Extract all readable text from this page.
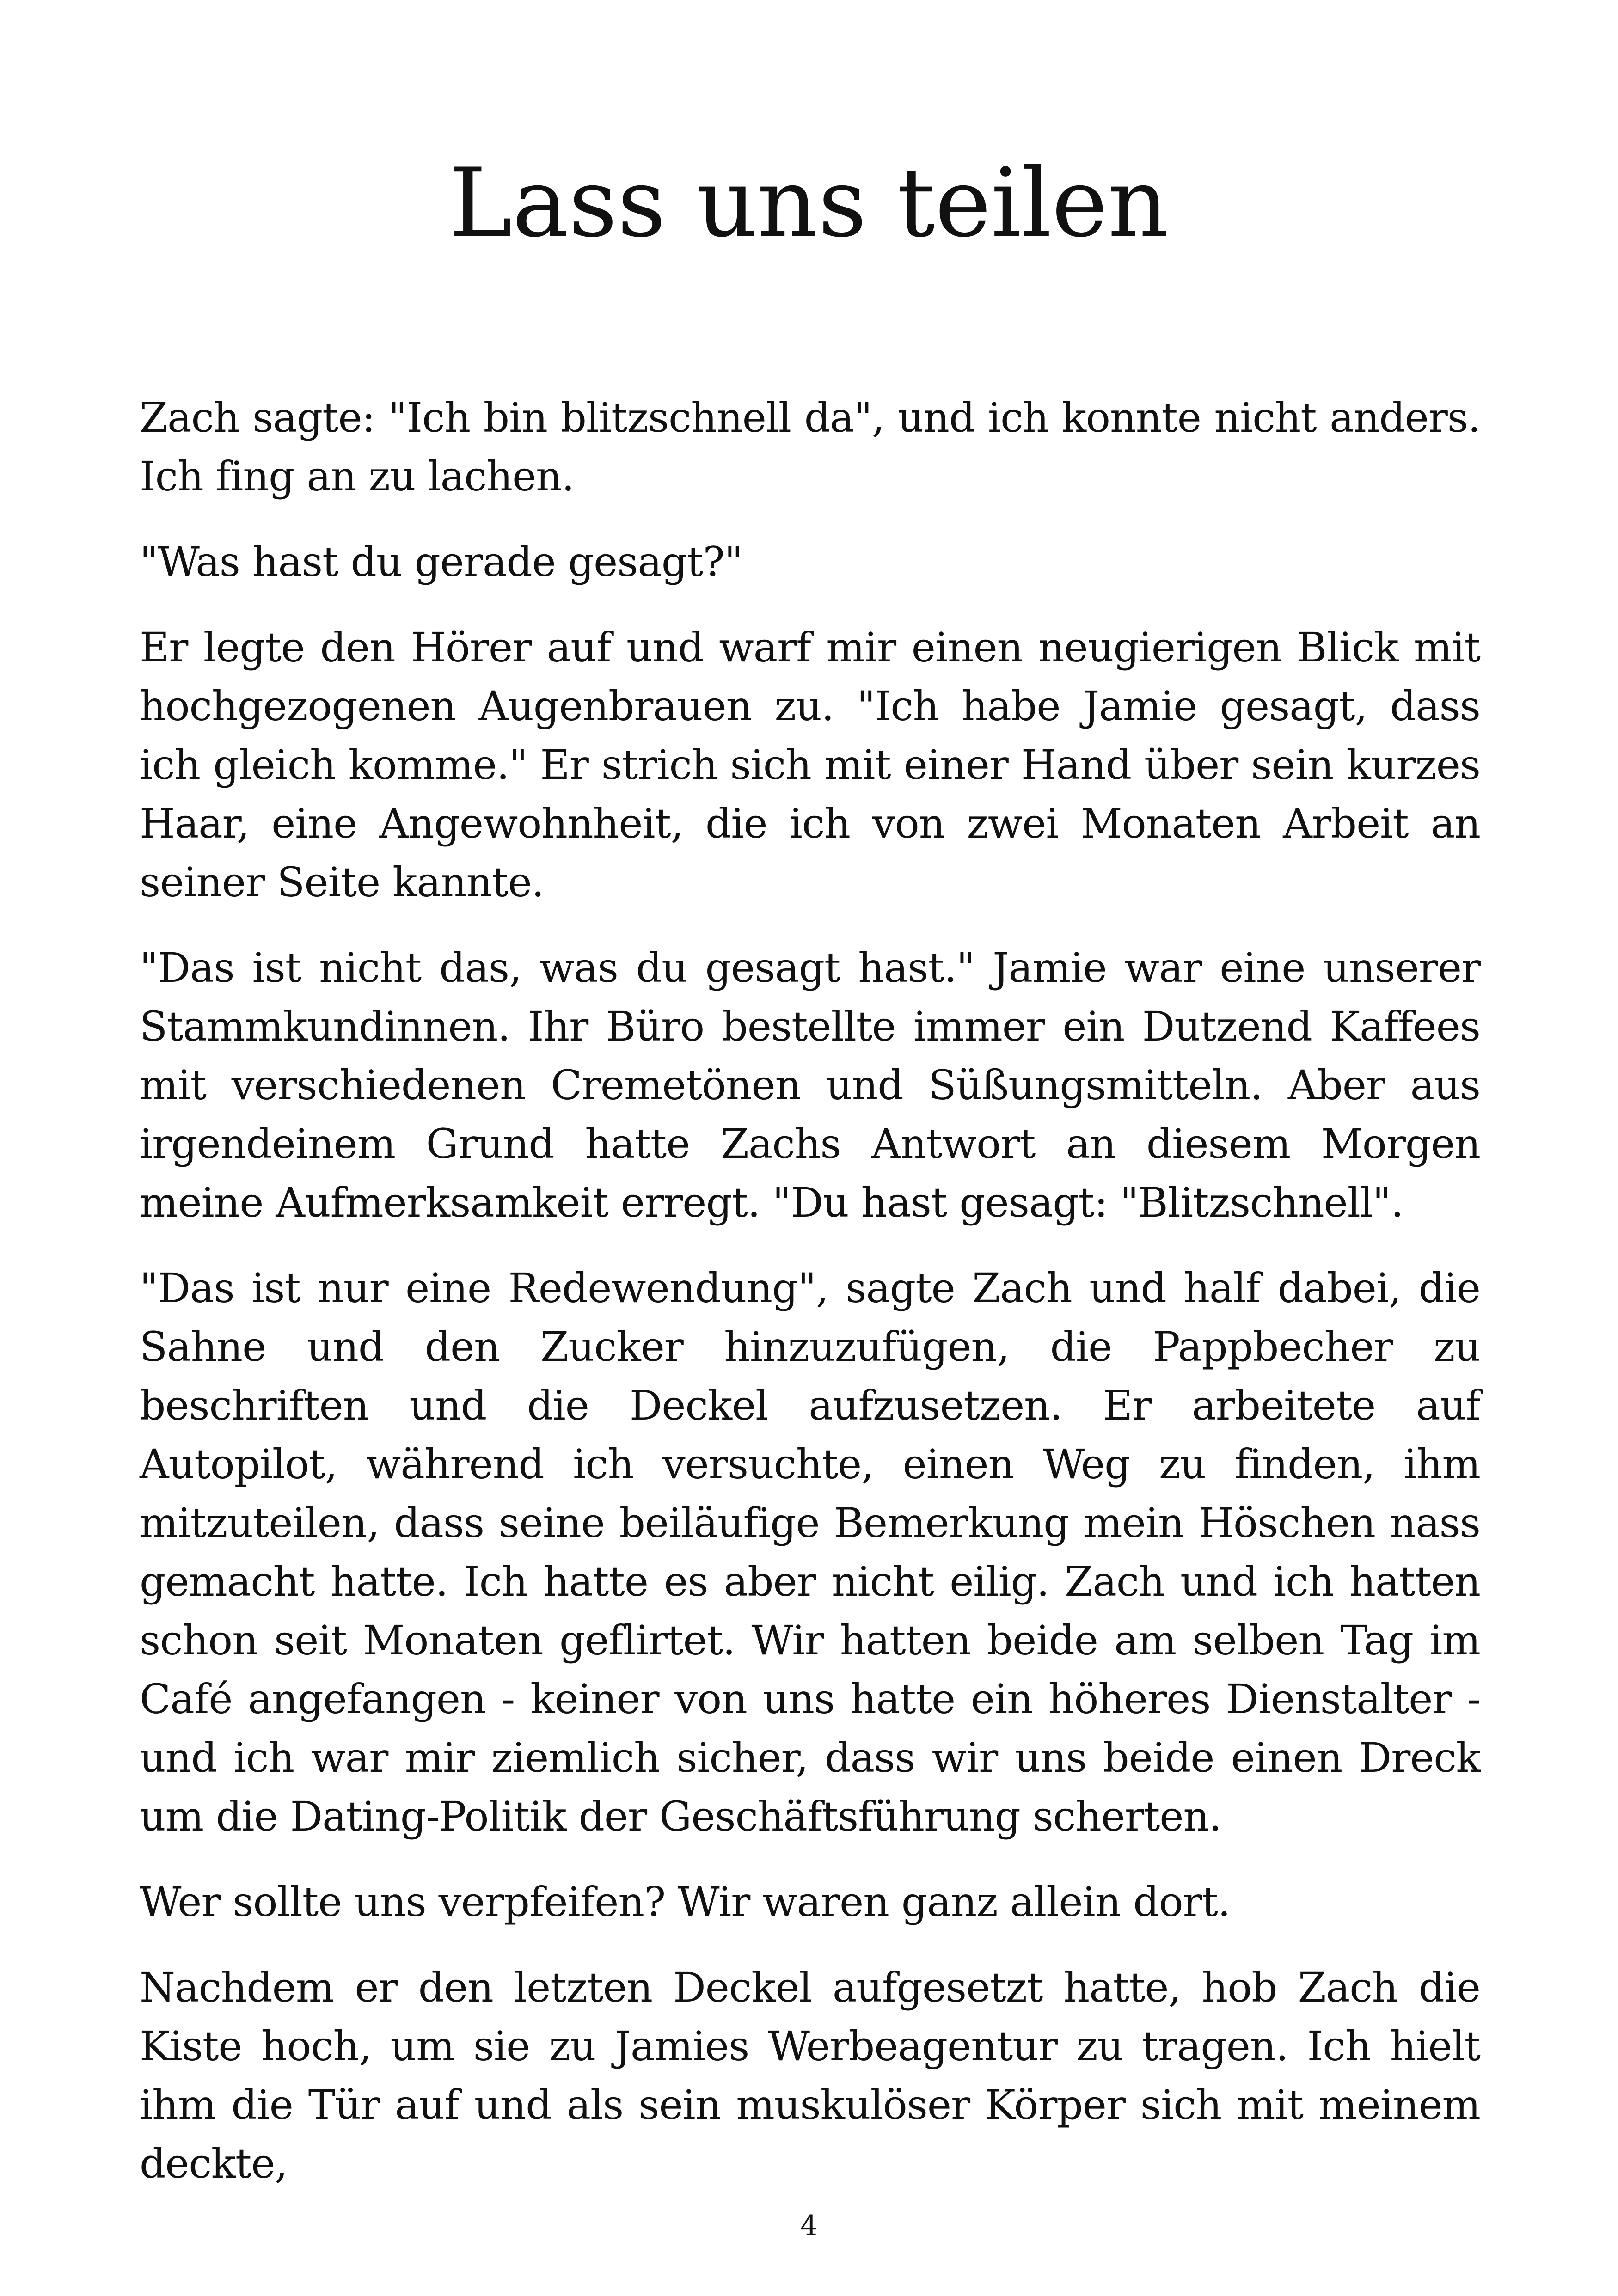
Lass uns teilen

Zach sagte: "Ich bin blitzschnell da", und ich konnte nicht anders. Ich fing an zu lachen.

"Was hast du gerade gesagt?"

Er legte den Hörer auf und warf mir einen neugierigen Blick mit hochgezogenen Augenbrauen zu. "Ich habe Jamie gesagt, dass ich gleich komme." Er strich sich mit einer Hand über sein kurzes Haar, eine Angewohnheit, die ich von zwei Monaten Arbeit an seiner Seite kannte.

"Das ist nicht das, was du gesagt hast." Jamie war eine unserer Stammkundinnen. Ihr Büro bestellte immer ein Dutzend Kaffees mit verschiedenen Cremetönen und Süßungsmitteln. Aber aus irgendeinem Grund hatte Zachs Antwort an diesem Morgen meine Aufmerksamkeit erregt. "Du hast gesagt: "Blitzschnell".

"Das ist nur eine Redewendung", sagte Zach und half dabei, die Sahne und den Zucker hinzuzufügen, die Pappbecher zu beschriften und die Deckel aufzusetzen. Er arbeitete auf Autopilot, während ich versuchte, einen Weg zu finden, ihm mitzuteilen, dass seine beiläufige Bemerkung mein Höschen nass gemacht hatte. Ich hatte es aber nicht eilig. Zach und ich hatten schon seit Monaten geflirtet. Wir hatten beide am selben Tag im Café angefangen - keiner von uns hatte ein höheres Dienstalter - und ich war mir ziemlich sicher, dass wir uns beide einen Dreck um die Dating-Politik der Geschäftsführung scherten.

Wer sollte uns verpfeifen? Wir waren ganz allein dort.

Nachdem er den letzten Deckel aufgesetzt hatte, hob Zach die Kiste hoch, um sie zu Jamies Werbeagentur zu tragen. Ich hielt ihm die Tür auf und als sein muskulöser Körper sich mit meinem deckte,

4
